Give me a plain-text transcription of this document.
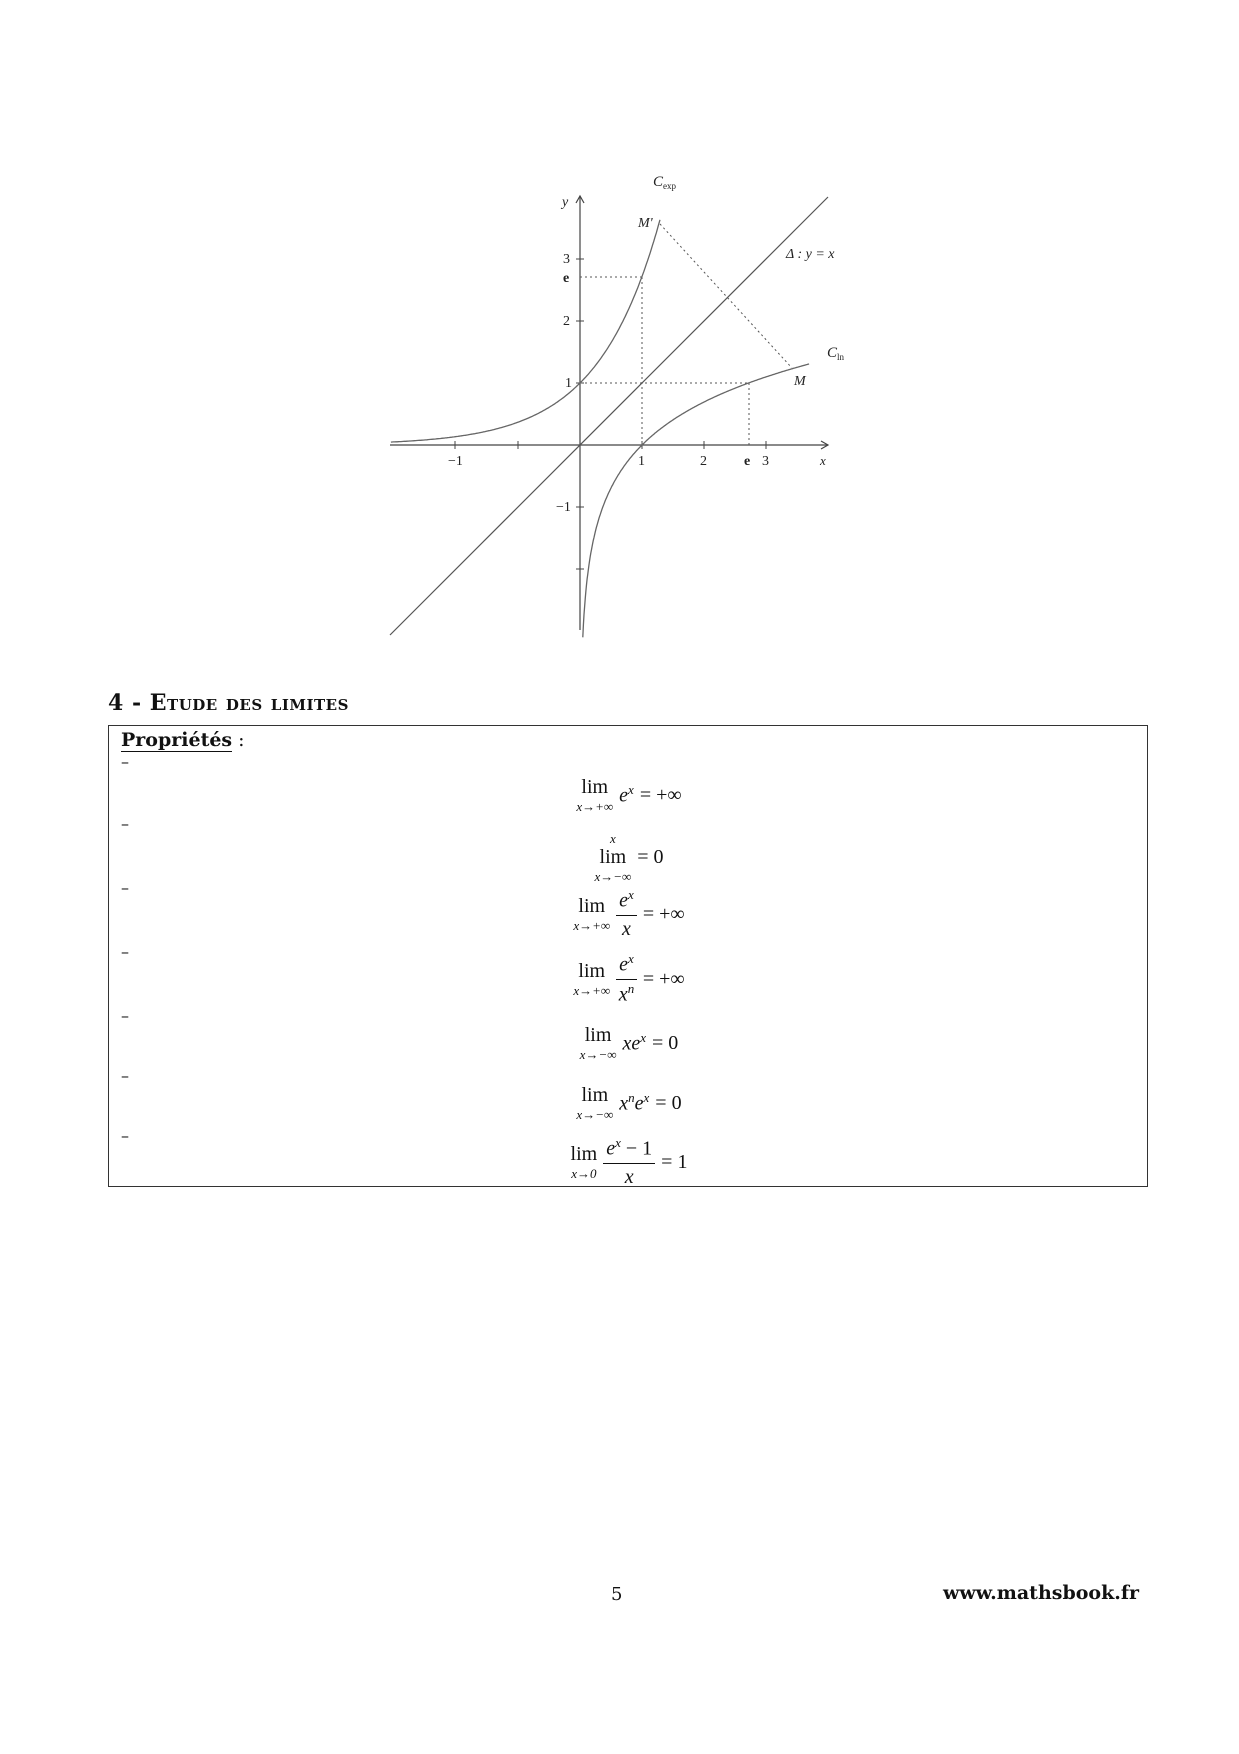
−1	1	2	e 3
3
e
2
1
−1
x
y
$C_{exp}$
$C_{ln}$
Δ : y = x
M'
M
4 - Etude des limites
Propriétés :
–
lim
x→+∞ $e^x$ = +∞
–
x
lim
x→−∞
= 0
–
lim
$x\to+\infty \frac{e^x}{x}$ = +∞
–
lim
$x\to+\infty \frac{e^x}{x^n}$ = +∞
–
lim
x→−∞ $xe^x = 0$
–
lim
x→−∞ $x^ne^x = 0$
–
lim
$x\to 0 \frac{e^x - 1}{x} = 1$
5	www.mathsbook.fr
